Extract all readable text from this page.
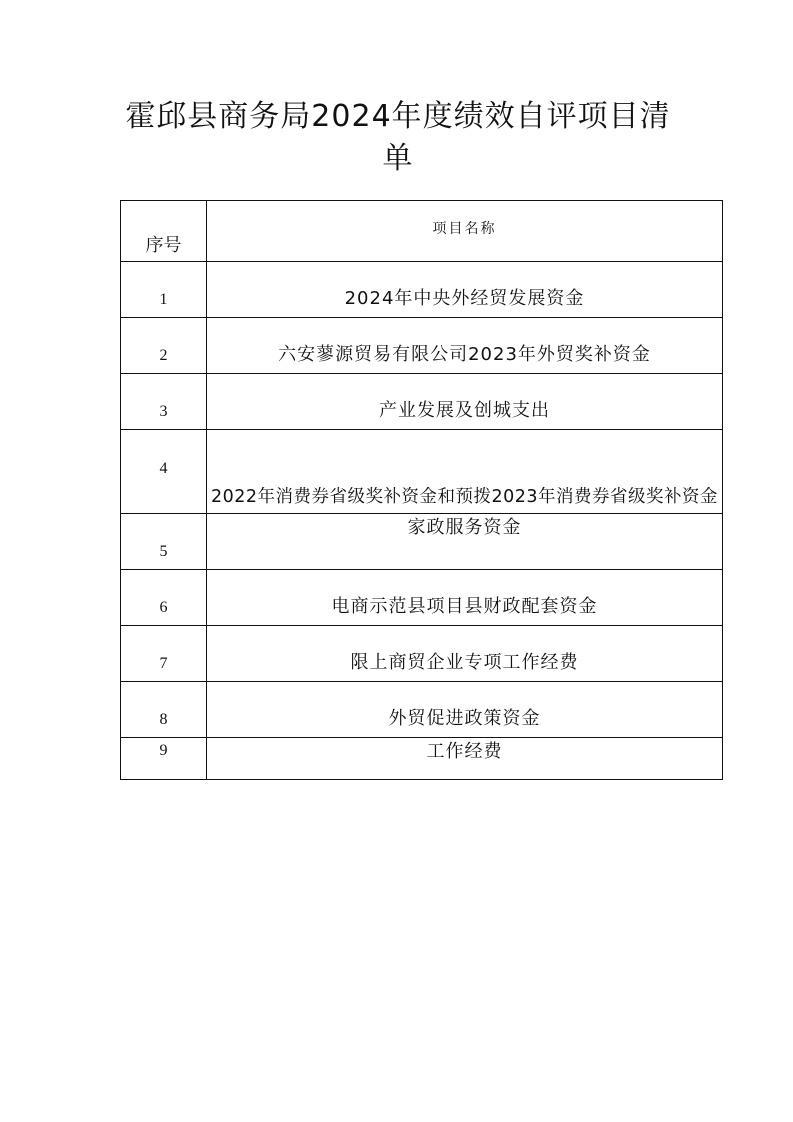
霍邱县商务局2024年度绩效自评项目清单
序号	项目名称
1	2024年中央外经贸发展资金
2	六安蓼源贸易有限公司2023年外贸奖补资金
3	产业发展及创城支出
4	2022年消费券省级奖补资金和预拨2023年消费券省级奖补资金
5	家政服务资金
6	电商示范县项目县财政配套资金
7	限上商贸企业专项工作经费
8	外贸促进政策资金
9	工作经费
